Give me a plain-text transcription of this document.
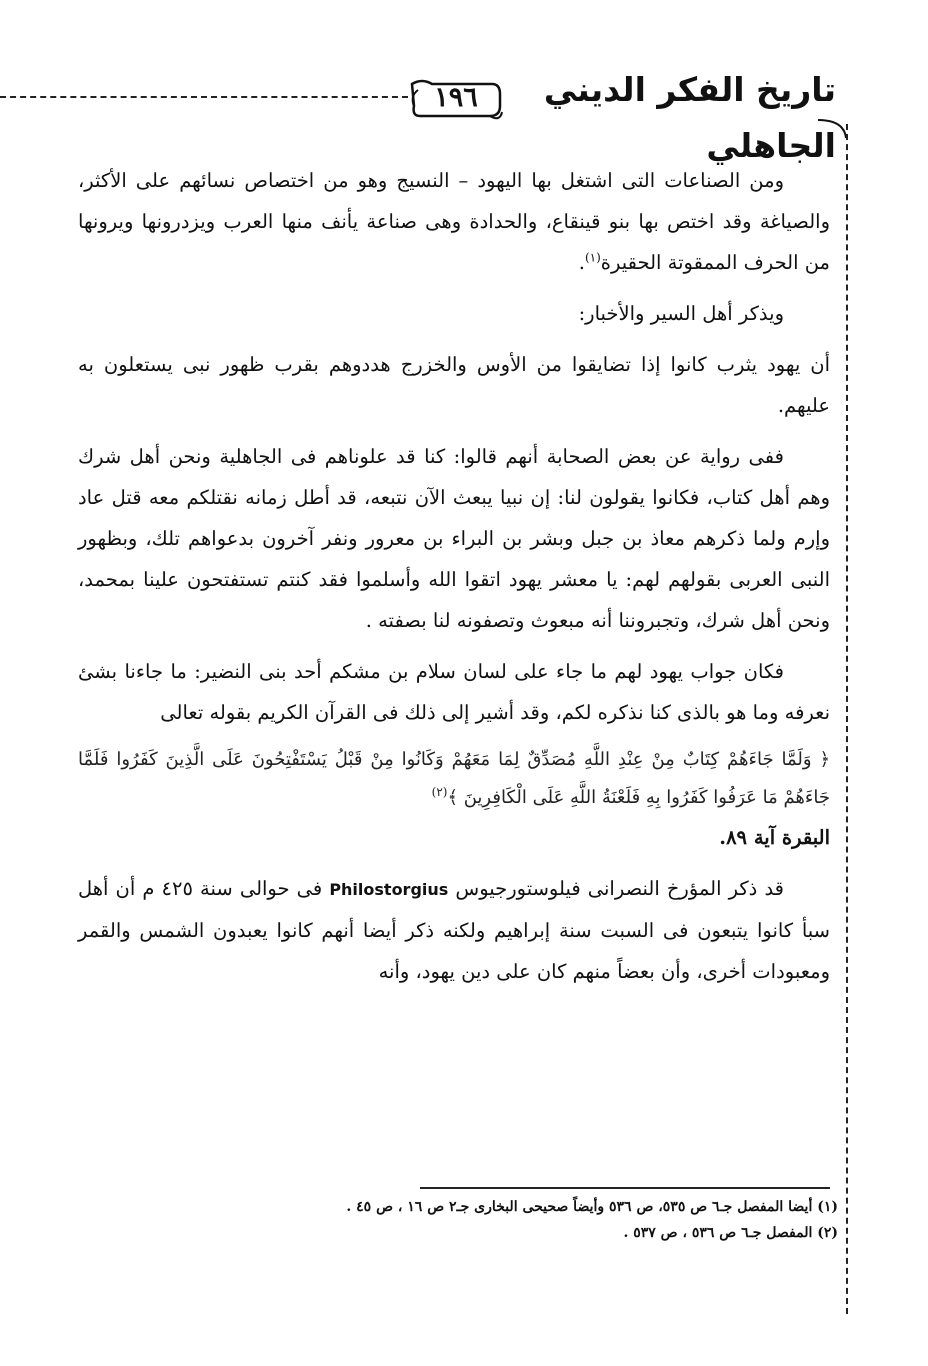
١٩٦	تاريخ الفكر الديني الجاهلي

ومن الصناعات التى اشتغل بها اليهود – النسيج وهو من اختصاص نسائهم على الأكثر، والصياغة وقد اختص بها بنو قينقاع، والحدادة وهى صناعة يأنف منها العرب ويزدرونها ويرونها من الحرف الممقوتة الحقيرة$^{(١)}$.

ويذكر أهل السير والأخبار:

أن يهود يثرب كانوا إذا تضايقوا من الأوس والخزرج هددوهم بقرب ظهور نبى يستعلون به عليهم.

ففى رواية عن بعض الصحابة أنهم قالوا: كنا قد علوناهم فى الجاهلية ونحن أهل شرك وهم أهل كتاب، فكانوا يقولون لنا: إن نبيا يبعث الآن نتبعه، قد أطل زمانه نقتلكم معه قتل عاد وإرم ولما ذكرهم معاذ بن جبل وبشر بن البراء بن معرور ونفر آخرون بدعواهم تلك، وبظهور النبى العربى بقولهم لهم: يا معشر يهود اتقوا الله وأسلموا فقد كنتم تستفتحون علينا بمحمد، ونحن أهل شرك، وتجبروننا أنه مبعوث وتصفونه لنا بصفته .

فكان جواب يهود لهم ما جاء على لسان سلام بن مشكم أحد بنى النضير: ما جاءنا بشئ نعرفه وما هو بالذى كنا نذكره لكم، وقد أشير إلى ذلك فى القرآن الكريم بقوله تعالى

﴿ وَلَمَّا جَاءَهُمْ كِتَابٌ مِنْ عِنْدِ اللَّهِ مُصَدِّقٌ لِمَا مَعَهُمْ وَكَانُوا مِنْ قَبْلُ يَسْتَفْتِحُونَ عَلَى الَّذِينَ كَفَرُوا فَلَمَّا جَاءَهُمْ مَا عَرَفُوا كَفَرُوا بِهِ فَلَعْنَةُ اللَّهِ عَلَى الْكَافِرِينَ ﴾$^{(٢)}$

البقرة آية ٨٩.

قد ذكر المؤرخ النصرانى فيلوستورجيوس Philostorgius فى حوالى سنة ٤٢٥ م أن أهل سبأ كانوا يتبعون فى السبت سنة إبراهيم ولكنه ذكر أيضا أنهم كانوا يعبدون الشمس والقمر ومعبودات أخرى، وأن بعضاً منهم كان على دين يهود، وأنه

(١) أيضا المفصل جـ٦ ص ٥٣٥، ص ٥٣٦ وأيضاً صحيحى البخارى جـ٢ ص ١٦ ، ص ٤٥ .

(٢) المفصل جـ٦ ص ٥٣٦ ، ص ٥٣٧ .
